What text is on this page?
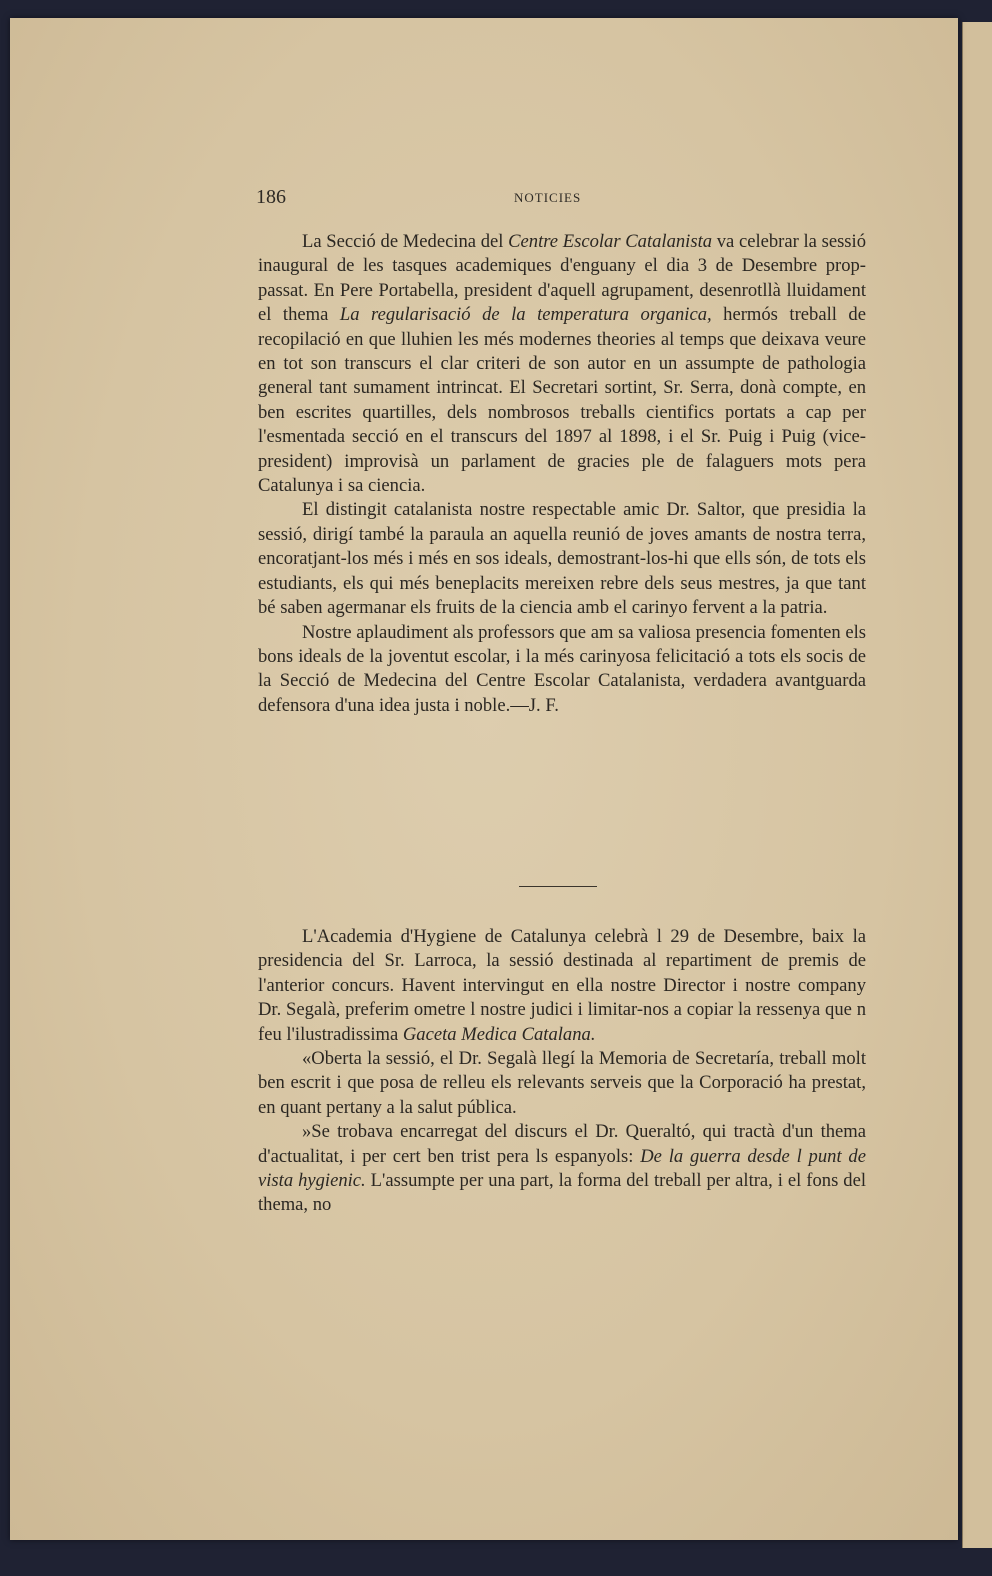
186	NOTICIES

La Secció de Medecina del Centre Escolar Catalanista va celebrar la sessió inaugural de les tasques academiques d'enguany el dia 3 de Desembre prop-passat. En Pere Portabella, president d'aquell agrupament, desenrotllà lluidament el thema La regularisació de la temperatura organica, hermós treball de recopilació en que lluhien les més modernes theories al temps que deixava veure en tot son transcurs el clar criteri de son autor en un assumpte de pathologia general tant sumament intrincat. El Secretari sortint, Sr. Serra, donà compte, en ben escrites quartilles, dels nombrosos treballs cientifics portats a cap per l'esmentada secció en el transcurs del 1897 al 1898, i el Sr. Puig i Puig (vice-president) improvisà un parlament de gracies ple de falaguers mots pera Catalunya i sa ciencia.

El distingit catalanista nostre respectable amic Dr. Saltor, que presidia la sessió, dirigí també la paraula an aquella reunió de joves amants de nostra terra, encoratjant-los més i més en sos ideals, demostrant-los-hi que ells són, de tots els estudiants, els qui més beneplacits mereixen rebre dels seus mestres, ja que tant bé saben agermanar els fruits de la ciencia amb el carinyo fervent a la patria.

Nostre aplaudiment als professors que am sa valiosa presencia fomenten els bons ideals de la joventut escolar, i la més carinyosa felicitació a tots els socis de la Secció de Medecina del Centre Escolar Catalanista, verdadera avantguarda defensora d'una idea justa i noble.—J. F.

L'Academia d'Hygiene de Catalunya celebrà l 29 de Desembre, baix la presidencia del Sr. Larroca, la sessió destinada al repartiment de premis de l'anterior concurs. Havent intervingut en ella nostre Director i nostre company Dr. Segalà, preferim ometre l nostre judici i limitar-nos a copiar la ressenya que n feu l'ilustradissima Gaceta Medica Catalana.

«Oberta la sessió, el Dr. Segalà llegí la Memoria de Secretaría, treball molt ben escrit i que posa de relleu els relevants serveis que la Corporació ha prestat, en quant pertany a la salut pública.

»Se trobava encarregat del discurs el Dr. Queraltó, qui tractà d'un thema d'actualitat, i per cert ben trist pera ls espanyols: De la guerra desde l punt de vista hygienic. L'assumpte per una part, la forma del treball per altra, i el fons del thema, no
